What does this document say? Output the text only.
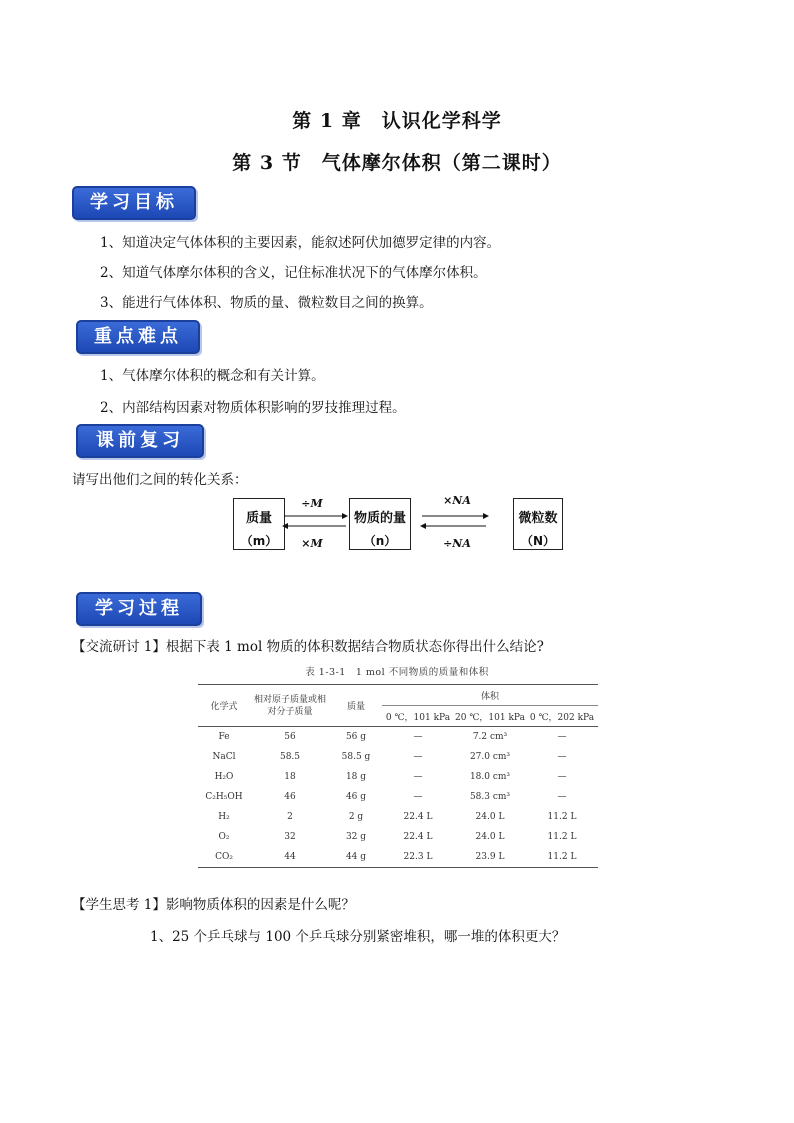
第 1 章　认识化学科学
第 3 节　气体摩尔体积（第二课时）
学习目标
1、知道决定气体体积的主要因素，能叙述阿伏加德罗定律的内容。
2、知道气体摩尔体积的含义，记住标准状况下的气体摩尔体积。
3、能进行气体体积、物质的量、微粒数目之间的换算。
重点难点
1、气体摩尔体积的概念和有关计算。
2、内部结构因素对物质体积影响的罗技推理过程。
课前复习
请写出他们之间的转化关系：
质量
（m）
物质的量
（n）
微粒数
（N）
÷M
×M
×NA
÷NA
学习过程
【交流研讨 1】根据下表 1 mol 物质的体积数据结合物质状态你得出什么结论?
表 1-3-1　1 mol 不同物质的质量和体积
化学式	相对原子质量或相对分子质量	质量	体积		
			0 ℃，101 kPa	20 ℃，101 kPa	0 ℃，202 kPa
Fe	56	56 g	—	7.2 cm³	—
NaCl	58.5	58.5 g	—	27.0 cm³	—
H₂O	18	18 g	—	18.0 cm³	—
C₂H₅OH	46	46 g	—	58.3 cm³	—
H₂	2	2 g	22.4 L	24.0 L	11.2 L
O₂	32	32 g	22.4 L	24.0 L	11.2 L
CO₂	44	44 g	22.3 L	23.9 L	11.2 L
【学生思考 1】影响物质体积的因素是什么呢？
1、25 个乒乓球与 100 个乒乓球分别紧密堆积，哪一堆的体积更大？
